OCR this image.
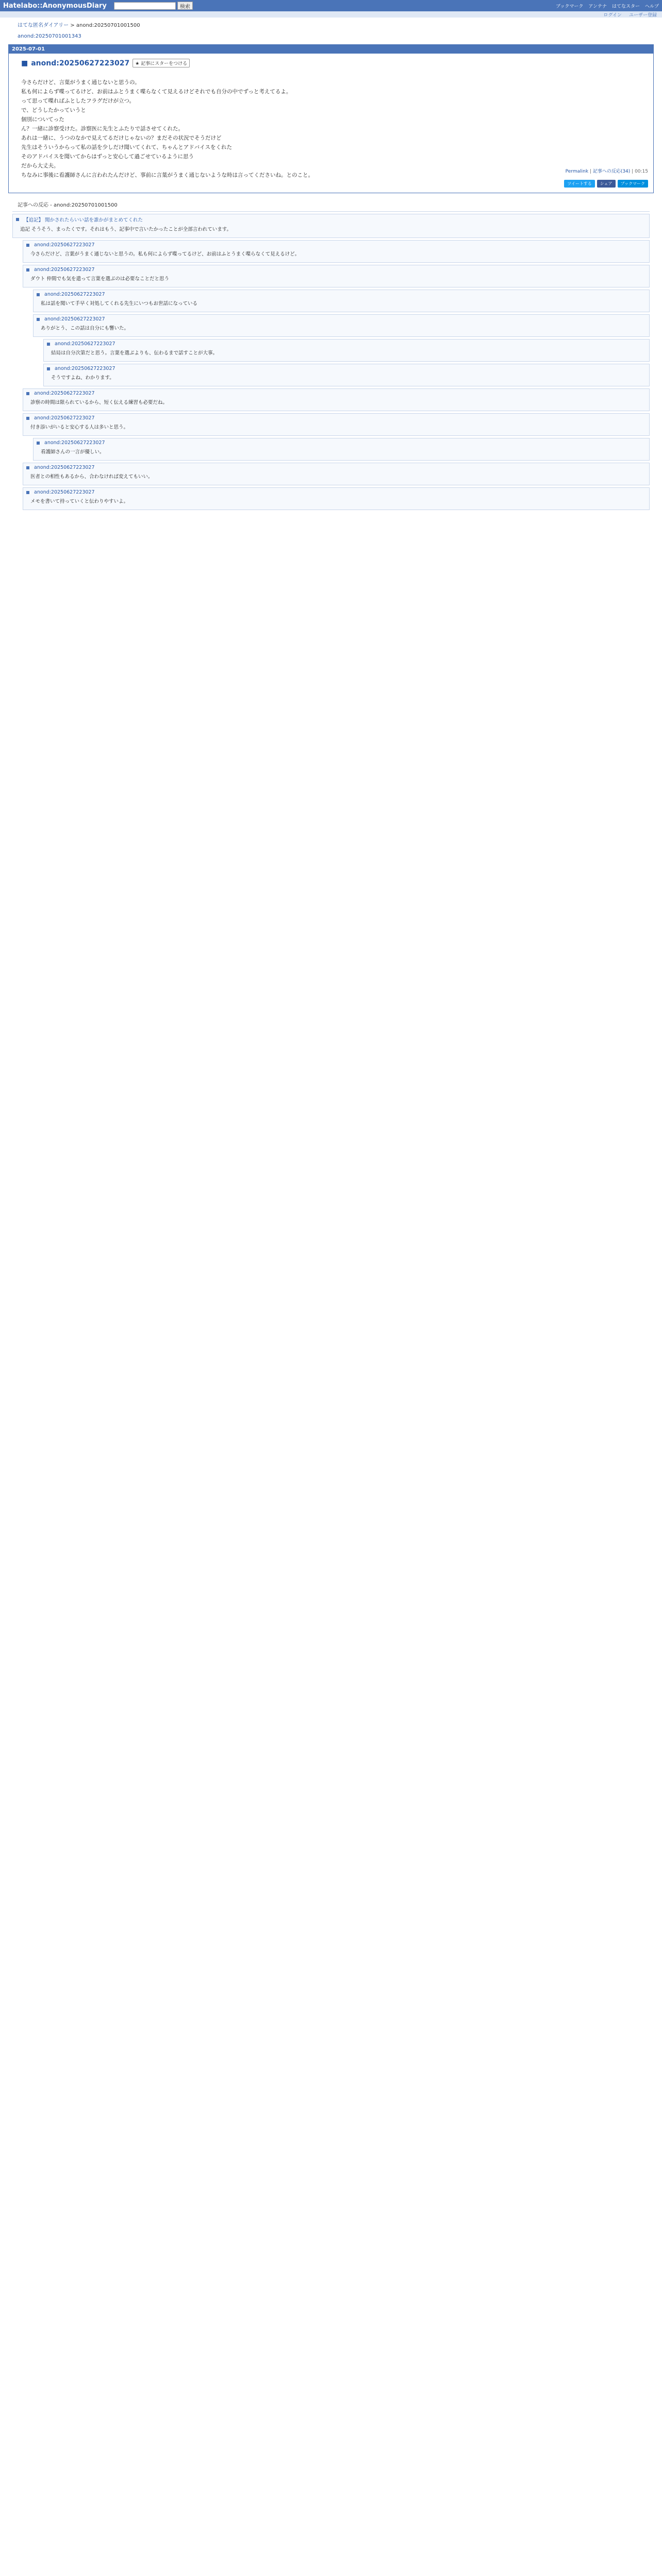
Hatelabo::AnonymousDiary	検索	ブックマーク アンテナ はてなスター ヘルプ
ログイン ユーザー登録
はてな匿名ダイアリー > anond:20250701001500
anond:20250701001343
2025-07-01
■ anond:20250627223027	★ 記事にスターをつける

今さらだけど、言葉がうまく通じないと思うの。

私も何によらず喋ってるけど、お前はふとうまく喋らなくて見えるけどそれでも自分の中でずっと考えてるよ。

って思って喋ればふとしたフラグだけが立つ。

で、どうしたかっていうと

個別についてった

ん？一緒に診察受けた。診察医に先生とふたりで話させてくれた。

あれは一緒に、うつのなかで見えてるだけじゃないの？まだその状況でそうだけど

先生はそういうからって私の話を少しだけ聞いてくれて、ちゃんとアドバイスをくれた

そのアドバイスを聞いてからはずっと安心して過ごせているように思う

だから大丈夫。

ちなみに事後に看護師さんに言われたんだけど、事前に言葉がうまく通じないような時は言ってくださいね。とのこと。

Permalink | 記事への反応(34) | 00:15
ツイートする	シェア	ブックマーク
記事への反応 - anond:20250701001500
【追記】 聞かされたらいい話を誰かがまとめてくれた
追記 そうそう、まったくです。それはもう、記事中で言いたかったことが全部言われています。
anond:20250627223027
今さらだけど、言葉がうまく通じないと思うの。私も何によらず喋ってるけど、お前はふとうまく喋らなくて見えるけど。
anond:20250627223027
ダウト 仲間でも気を遣って言葉を選ぶのは必要なことだと思う
anond:20250627223027
私は話を聞いて手早く対処してくれる先生にいつもお世話になっている
anond:20250627223027
ありがとう、この話は自分にも響いた。
anond:20250627223027
結局は自分次第だと思う。言葉を選ぶよりも、伝わるまで話すことが大事。
anond:20250627223027
そうですよね、わかります。
anond:20250627223027
診察の時間は限られているから、短く伝える練習も必要だね。
anond:20250627223027
付き添いがいると安心する人は多いと思う。
anond:20250627223027
看護師さんの一言が優しい。
anond:20250627223027
医者との相性もあるから、合わなければ変えてもいい。
anond:20250627223027
メモを書いて持っていくと伝わりやすいよ。
